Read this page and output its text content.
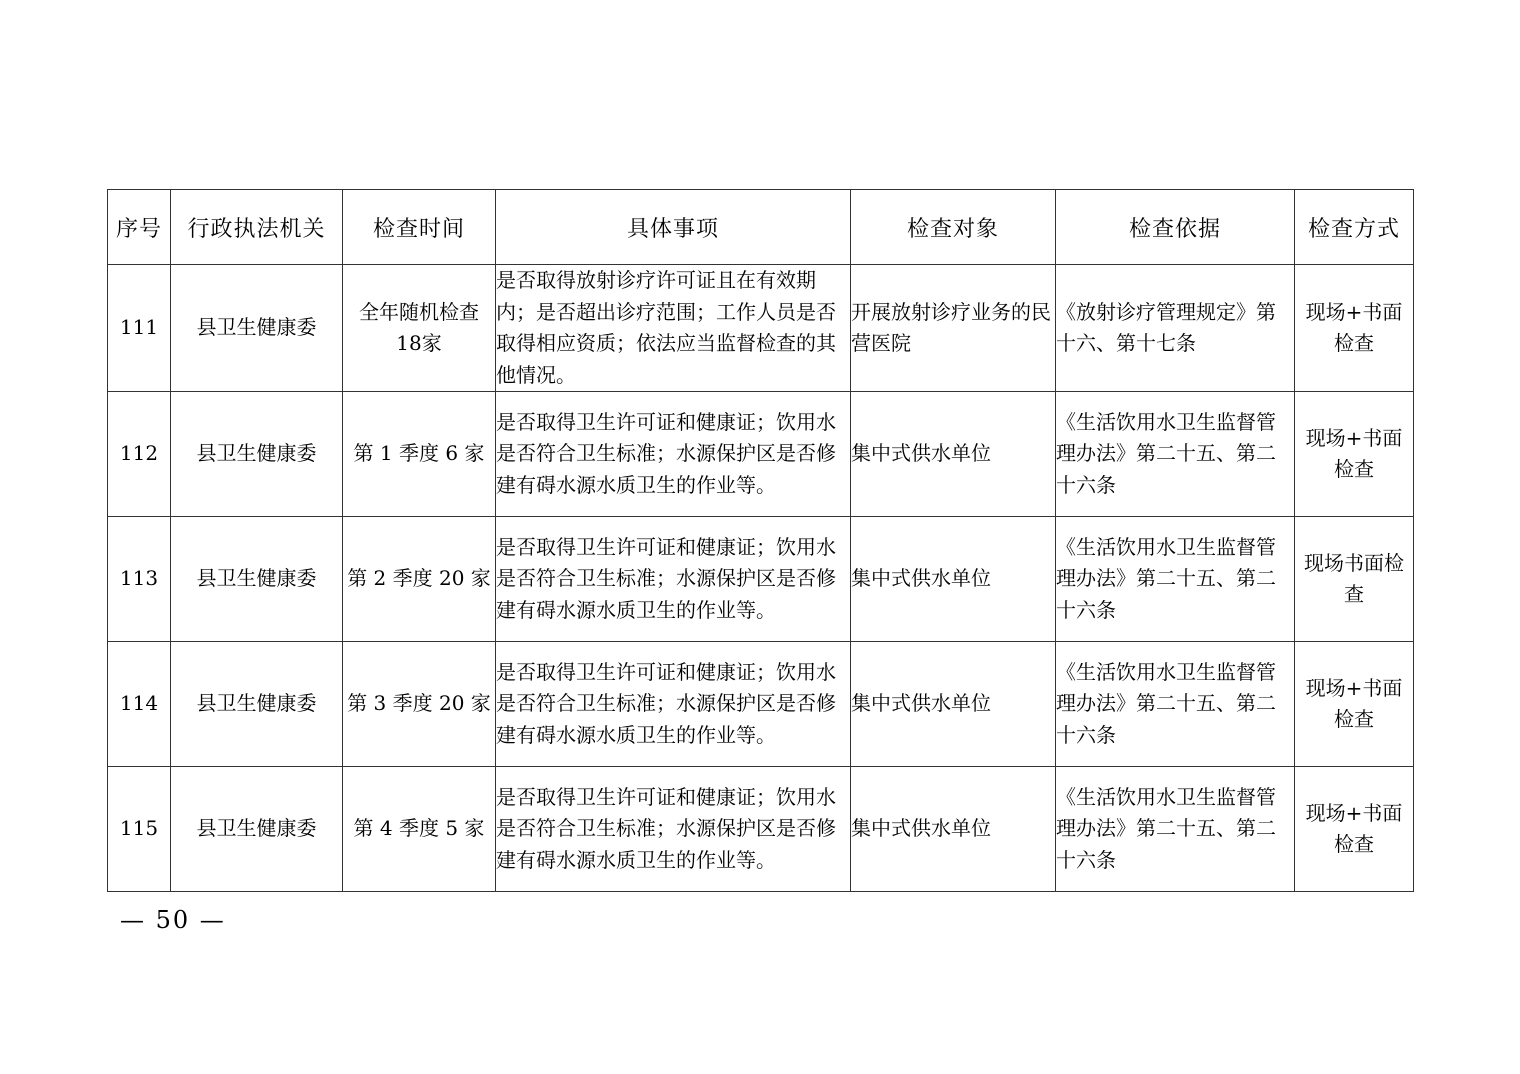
序号	行政执法机关	检查时间	具体事项	检查对象	检查依据	检查方式
111	县卫生健康委	全年随机检查18家	是否取得放射诊疗许可证且在有效期内；是否超出诊疗范围；工作人员是否取得相应资质；依法应当监督检查的其他情况。	开展放射诊疗业务的民营医院	《放射诊疗管理规定》第十六、第十七条	现场+书面检查
112	县卫生健康委	第 1 季度 6 家	是否取得卫生许可证和健康证；饮用水是否符合卫生标准；水源保护区是否修建有碍水源水质卫生的作业等。	集中式供水单位	《生活饮用水卫生监督管理办法》第二十五、第二十六条	现场+书面检查
113	县卫生健康委	第 2 季度 20 家	是否取得卫生许可证和健康证；饮用水是否符合卫生标准；水源保护区是否修建有碍水源水质卫生的作业等。	集中式供水单位	《生活饮用水卫生监督管理办法》第二十五、第二十六条	现场书面检查
114	县卫生健康委	第 3 季度 20 家	是否取得卫生许可证和健康证；饮用水是否符合卫生标准；水源保护区是否修建有碍水源水质卫生的作业等。	集中式供水单位	《生活饮用水卫生监督管理办法》第二十五、第二十六条	现场+书面检查
115	县卫生健康委	第 4 季度 5 家	是否取得卫生许可证和健康证；饮用水是否符合卫生标准；水源保护区是否修建有碍水源水质卫生的作业等。	集中式供水单位	《生活饮用水卫生监督管理办法》第二十五、第二十六条	现场+书面检查
— 50 —
